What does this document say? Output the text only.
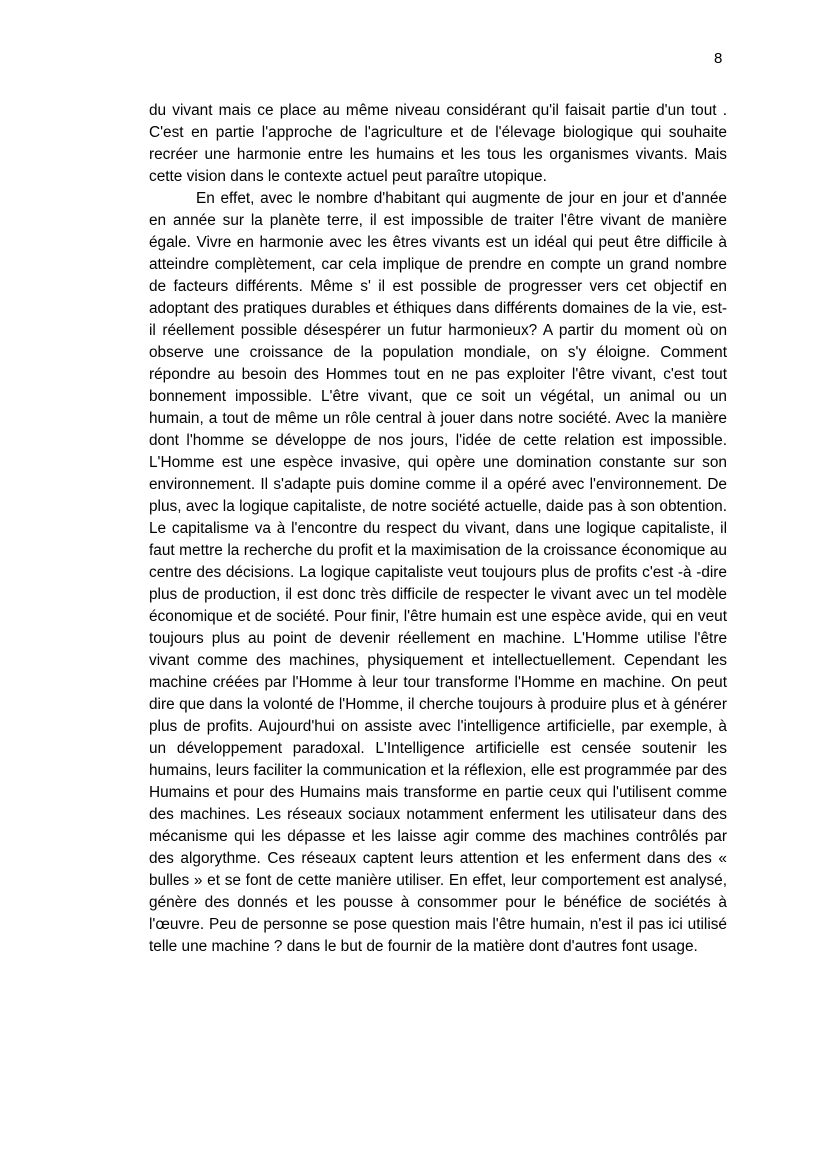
8

du vivant mais ce place au même niveau considérant qu'il faisait partie d'un tout . C'est en partie l'approche de l'agriculture et de l'élevage biologique qui souhaite recréer une harmonie entre les humains et les tous les organismes vivants. Mais cette vision dans le contexte actuel peut paraître utopique.

En effet, avec le nombre d'habitant qui augmente de jour en jour et d'année en année sur la planète terre, il est impossible de traiter l'être vivant de manière égale. Vivre en harmonie avec les êtres vivants est un idéal qui peut être difficile à atteindre complètement, car cela implique de prendre en compte un grand nombre de facteurs différents. Même s' il est possible de progresser vers cet objectif en adoptant des pratiques durables et éthiques dans différents domaines de la vie, est-il réellement possible désespérer un futur harmonieux? A partir du moment où on observe une croissance de la population mondiale, on s'y éloigne. Comment répondre au besoin des Hommes tout en ne pas exploiter l'être vivant, c'est tout bonnement impossible. L'être vivant, que ce soit un végétal, un animal ou un humain, a tout de même un rôle central à jouer dans notre société. Avec la manière dont l'homme se développe de nos jours, l'idée de cette relation est impossible. L'Homme est une espèce invasive, qui opère une domination constante sur son environnement. Il s'adapte puis domine comme il a opéré avec l'environnement. De plus, avec la logique capitaliste, de notre société actuelle, daide pas à son obtention. Le capitalisme va à l'encontre du respect du vivant, dans une logique capitaliste, il faut mettre la recherche du profit et la maximisation de la croissance économique au centre des décisions. La logique capitaliste veut toujours plus de profits c'est -à -dire plus de production, il est donc très difficile de respecter le vivant avec un tel modèle économique et de société. Pour finir, l'être humain est une espèce avide, qui en veut toujours plus au point de devenir réellement en machine. L'Homme utilise l'être vivant comme des machines, physiquement et intellectuellement. Cependant les machine créées par l'Homme à leur tour transforme l'Homme en machine. On peut dire que dans la volonté de l'Homme, il cherche toujours à produire plus et à générer plus de profits. Aujourd'hui on assiste avec l'intelligence artificielle, par exemple, à un développement paradoxal. L'Intelligence artificielle est censée soutenir les humains, leurs faciliter la communication et la réflexion, elle est programmée par des Humains et pour des Humains mais transforme en partie ceux qui l'utilisent comme des machines. Les réseaux sociaux notamment enferment les utilisateur dans des mécanisme qui les dépasse et les laisse agir comme des machines contrôlés par des algorythme. Ces réseaux captent leurs attention et les enferment dans des « bulles » et se font de cette manière utiliser. En effet, leur comportement est analysé, génère des donnés et les pousse à consommer pour le bénéfice de sociétés à l'œuvre. Peu de personne se pose question mais l'être humain, n'est il pas ici utilisé telle une machine ? dans le but de fournir de la matière dont d'autres font usage.
